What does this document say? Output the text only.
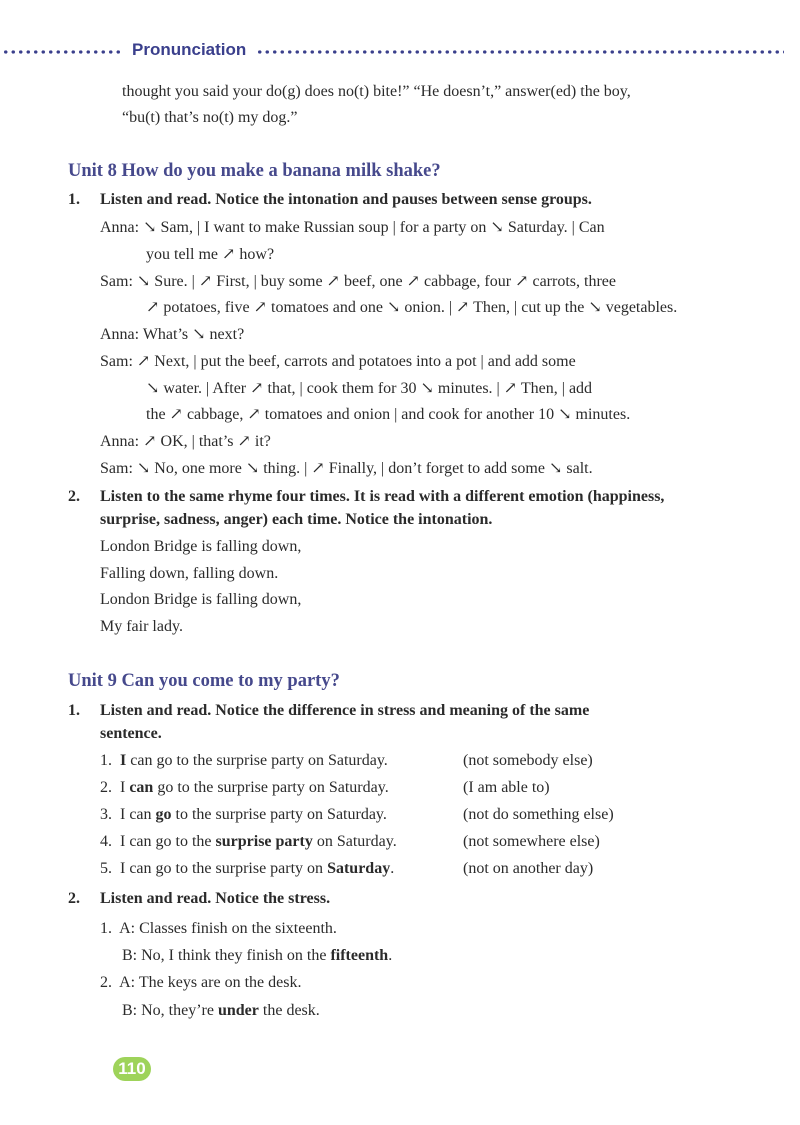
Pronunciation
thought you said your do(g) does no(t) bite!” “He doesn’t,” answer(ed) the boy,
“bu(t) that’s no(t) my dog.”
Unit 8 How do you make a banana milk shake?
1. Listen and read. Notice the intonation and pauses between sense groups.
Anna: ↘ Sam, | I want to make Russian soup | for a party on ↘ Saturday. | Can
you tell me ↗ how?
Sam: ↘ Sure. | ↗ First, | buy some ↗ beef, one ↗ cabbage, four ↗ carrots, three
↗ potatoes, five ↗ tomatoes and one ↘ onion. | ↗ Then, | cut up the ↘ vegetables.
Anna: What’s ↘ next?
Sam: ↗ Next, | put the beef, carrots and potatoes into a pot | and add some
↘ water. | After ↗ that, | cook them for 30 ↘ minutes. | ↗ Then, | add
the ↗ cabbage, ↗ tomatoes and onion | and cook for another 10 ↘ minutes.
Anna: ↗ OK, | that’s ↗ it?
Sam: ↘ No, one more ↘ thing. | ↗ Finally, | don’t forget to add some ↘ salt.
2. Listen to the same rhyme four times. It is read with a different emotion (happiness,
surprise, sadness, anger) each time. Notice the intonation.
London Bridge is falling down,
Falling down, falling down.
London Bridge is falling down,
My fair lady.
Unit 9 Can you come to my party?
1. Listen and read. Notice the difference in stress and meaning of the same
sentence.
1. I can go to the surprise party on Saturday.	(not somebody else)
2. I can go to the surprise party on Saturday.	(I am able to)
3. I can go to the surprise party on Saturday.	(not do something else)
4. I can go to the surprise party on Saturday.	(not somewhere else)
5. I can go to the surprise party on Saturday.	(not on another day)
2. Listen and read. Notice the stress.
1. A: Classes finish on the sixteenth.
B: No, I think they finish on the fifteenth.
2. A: The keys are on the desk.
B: No, they’re under the desk.
110
